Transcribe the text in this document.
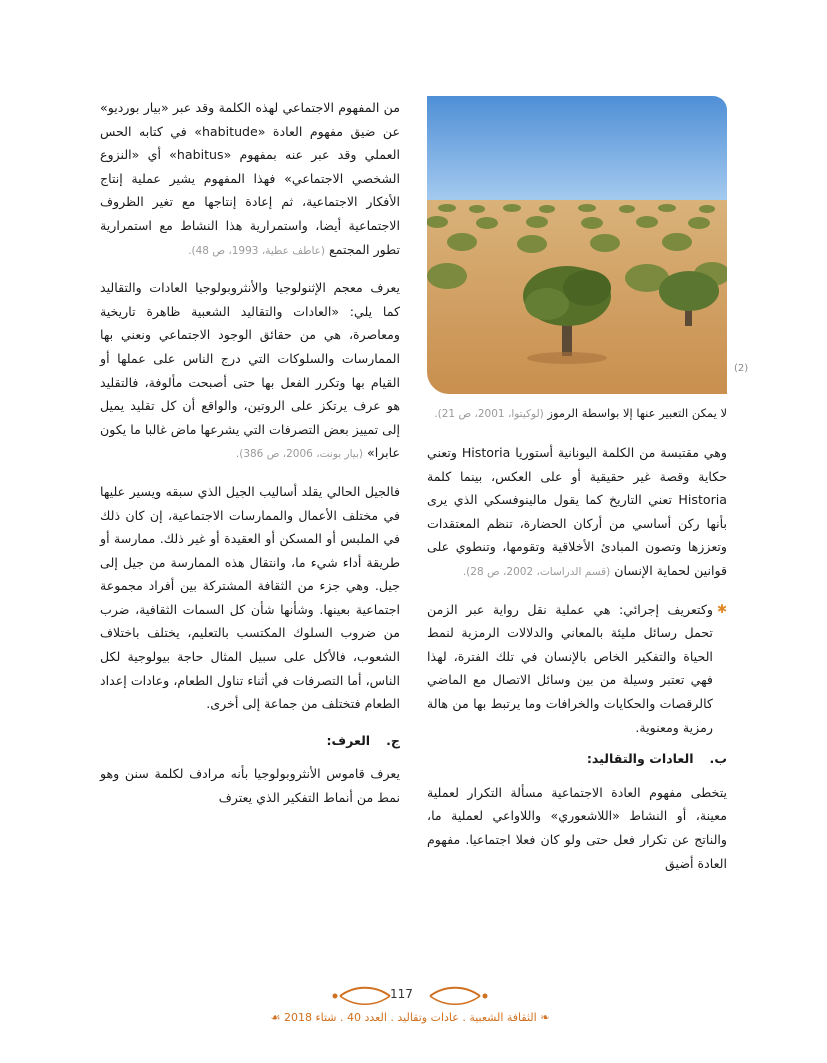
لا يمكن التعبير عنها إلا بواسطة الرموز (لوكيتوا، 2001، ص 21).

وهي مقتبسة من الكلمة اليونانية أستوريا Historia وتعني حكاية وقصة غير حقيقية أو على العكس، بينما كلمة Historia تعني التاريخ كما يقول مالينوفسكي الذي يرى بأنها ركن أساسي من أركان الحضارة، تنظم المعتقدات وتعززها وتصون المبادئ الأخلاقية وتقومها، وتنطوي على قوانين لحماية الإنسان (قسم الدراسات، 2002، ص 28).

✱
وكتعريف إجرائي: هي عملية نقل رواية عبر الزمن تحمل رسائل مليئة بالمعاني والدلالات الرمزية لنمط الحياة والتفكير الخاص بالإنسان في تلك الفترة، لهذا فهي تعتبر وسيلة من بين وسائل الاتصال مع الماضي كالرقصات والحكايات والخرافات وما يرتبط بها من هالة رمزية ومعنوية.
ب.العادات والتقاليد:

يتخطى مفهوم العادة الاجتماعية مسألة التكرار لعملية معينة، أو النشاط «اللاشعوري» واللاواعي لعملية ما، والناتج عن تكرار فعل حتى ولو كان فعلا اجتماعيا. مفهوم العادة أضيق

(2)

من المفهوم الاجتماعي لهذه الكلمة وقد عبر «بيار بورديو» عن ضيق مفهوم العادة «habitude» في كتابه الحس العملي وقد عبر عنه بمفهوم «habitus» أي «النزوع الشخصي الاجتماعي» فهذا المفهوم يشير عملية إنتاج الأفكار الاجتماعية، ثم إعادة إنتاجها مع تغير الظروف الاجتماعية أيضا، واستمرارية هذا النشاط مع استمرارية تطور المجتمع (عاطف عطية، 1993، ص 48).

يعرف معجم الإثنولوجيا والأنثروبولوجيا العادات والتقاليد كما يلي: «العادات والتقاليد الشعبية ظاهرة تاريخية ومعاصرة، هي من حقائق الوجود الاجتماعي ونعني بها الممارسات والسلوكات التي درج الناس على عملها أو القيام بها وتكرر الفعل بها حتى أصبحت مألوفة، فالتقليد هو عرف يرتكز على الروتين، والواقع أن كل تقليد يميل إلى تمييز بعض التصرفات التي يشرعها ماض غالبا ما يكون عابرا» (بيار بونت، 2006، ص 386).

فالجيل الحالي يقلد أساليب الجيل الذي سبقه ويسير عليها في مختلف الأعمال والممارسات الاجتماعية، إن كان ذلك في الملبس أو المسكن أو العقيدة أو غير ذلك. ممارسة أو طريقة أداء شيء ما، وانتقال هذه الممارسة من جيل إلى جيل. وهي جزء من الثقافة المشتركة بين أفراد مجموعة اجتماعية بعينها. وشأنها شأن كل السمات الثقافية، ضرب من ضروب السلوك المكتسب بالتعليم، يختلف باختلاف الشعوب، فالأكل على سبيل المثال حاجة بيولوجية لكل الناس، أما التصرفات في أثناء تناول الطعام، وعادات إعداد الطعام فتختلف من جماعة إلى أخرى.

ج.العرف:

يعرف قاموس الأنثروبولوجيا بأنه مرادف لكلمة سنن وهو نمط من أنماط التفكير الذي يعترف

117
❧ الثقافة الشعبية . عادات وتقاليد . العدد 40 . شتاء 2018 ☙
